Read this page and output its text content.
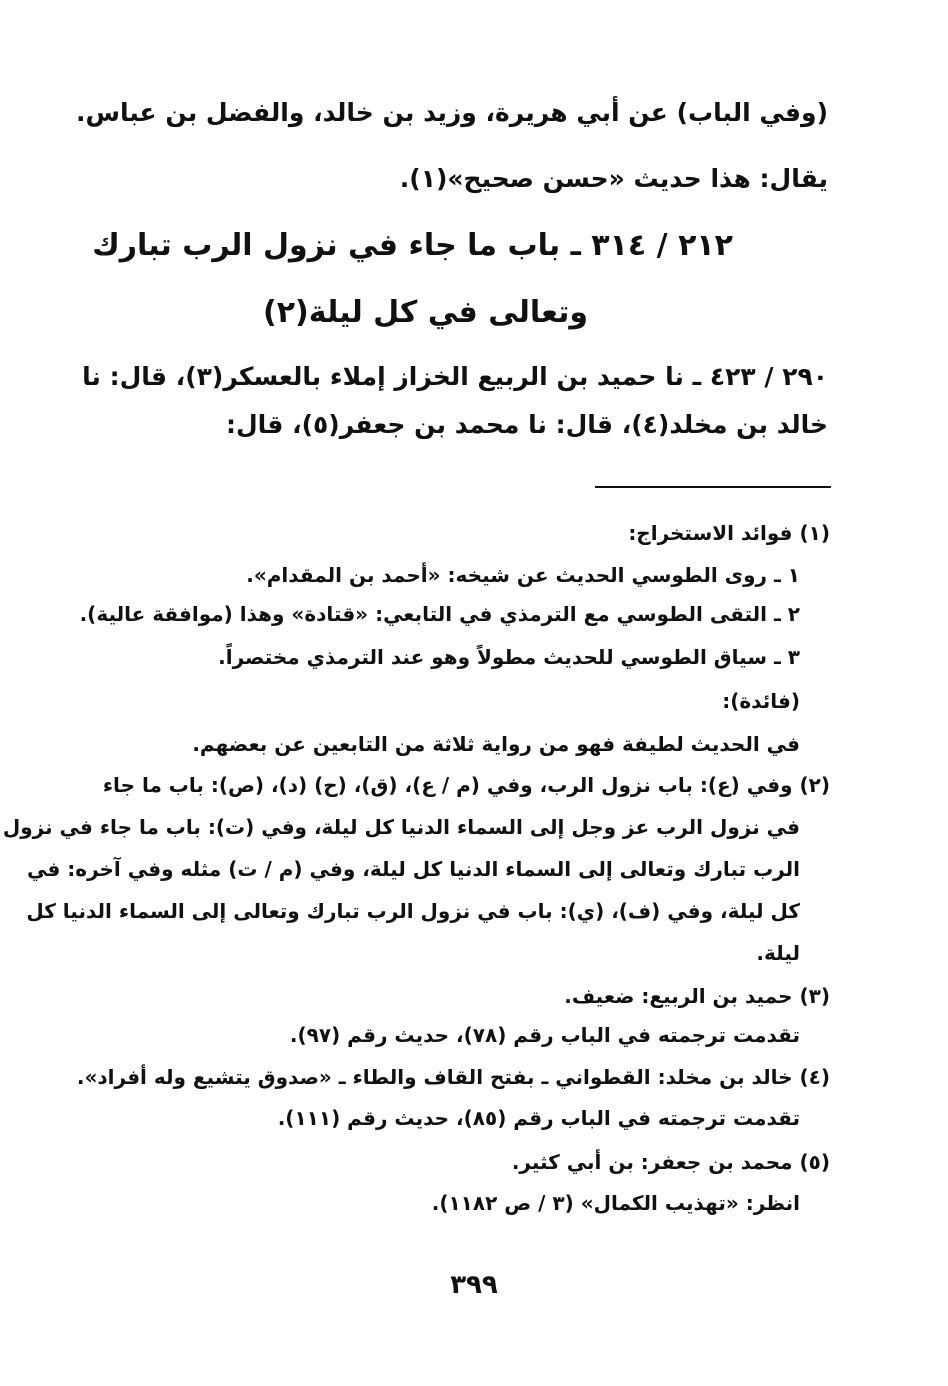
(وفي الباب) عن أبي هريرة، وزيد بن خالد، والفضل بن عباس.
يقال: هذا حديث «حسن صحيح»(١).
٢١٢ / ٣١٤ ـ باب ما جاء في نزول الرب تبارك
وتعالى في كل ليلة(٢)
٢٩٠ / ٤٢٣ ـ نا حميد بن الربيع الخزاز إملاء بالعسكر(٣)، قال: نا
خالد بن مخلد(٤)، قال: نا محمد بن جعفر(٥)، قال:
(١) فوائد الاستخراج:
١ ـ روى الطوسي الحديث عن شيخه: «أحمد بن المقدام».
٢ ـ التقى الطوسي مع الترمذي في التابعي: «قتادة» وهذا (موافقة عالية).
٣ ـ سياق الطوسي للحديث مطولاً وهو عند الترمذي مختصراً.
(فائدة):
في الحديث لطيفة فهو من رواية ثلاثة من التابعين عن بعضهم.
(٢) وفي (ع): باب نزول الرب، وفي (م / ع)، (ق)، (ح) (د)، (ص): باب ما جاء
في نزول الرب عز وجل إلى السماء الدنيا كل ليلة، وفي (ت): باب ما جاء في نزول
الرب تبارك وتعالى إلى السماء الدنيا كل ليلة، وفي (م / ت) مثله وفي آخره: في
كل ليلة، وفي (ف)، (ي): باب في نزول الرب تبارك وتعالى إلى السماء الدنيا كل
ليلة.
(٣) حميد بن الربيع: ضعيف.
تقدمت ترجمته في الباب رقم (٧٨)، حديث رقم (٩٧).
(٤) خالد بن مخلد: القطواني ـ بفتح القاف والطاء ـ «صدوق يتشيع وله أفراد».
تقدمت ترجمته في الباب رقم (٨٥)، حديث رقم (١١١).
(٥) محمد بن جعفر: بن أبي كثير.
انظر: «تهذيب الكمال» (٣ / ص ١١٨٢).
٣٩٩
